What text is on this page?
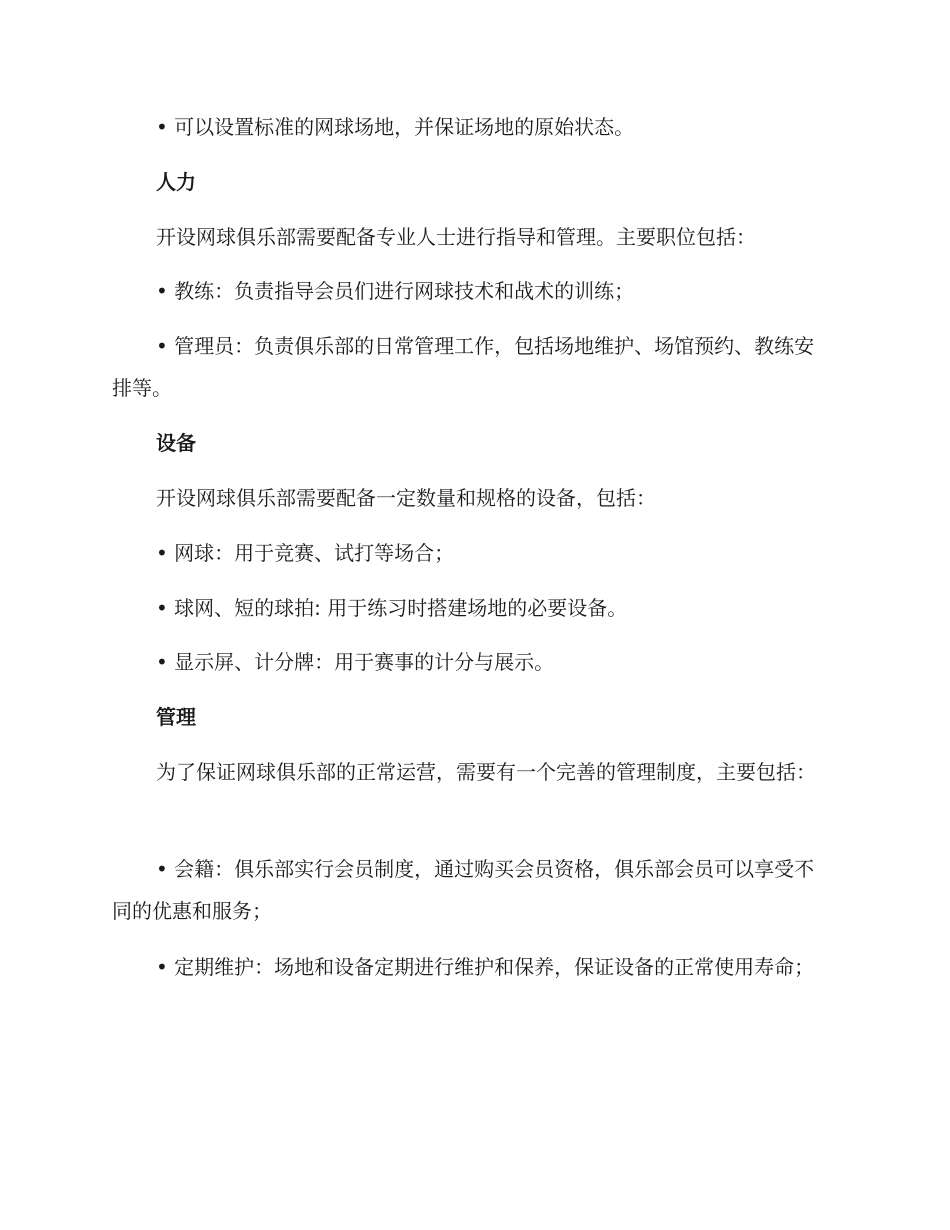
• 可以设置标准的网球场地，并保证场地的原始状态。
人力
开设网球俱乐部需要配备专业人士进行指导和管理。主要职位包括：
• 教练：负责指导会员们进行网球技术和战术的训练；
• 管理员：负责俱乐部的日常管理工作，包括场地维护、场馆预约、教练安排等。
设备
开设网球俱乐部需要配备一定数量和规格的设备，包括：
• 网球：用于竞赛、试打等场合；
• 球网、短的球拍: 用于练习时搭建场地的必要设备。
• 显示屏、计分牌：用于赛事的计分与展示。
管理
为了保证网球俱乐部的正常运营，需要有一个完善的管理制度，主要包括：
• 会籍：俱乐部实行会员制度，通过购买会员资格，俱乐部会员可以享受不同的优惠和服务；
• 定期维护：场地和设备定期进行维护和保养，保证设备的正常使用寿命；
